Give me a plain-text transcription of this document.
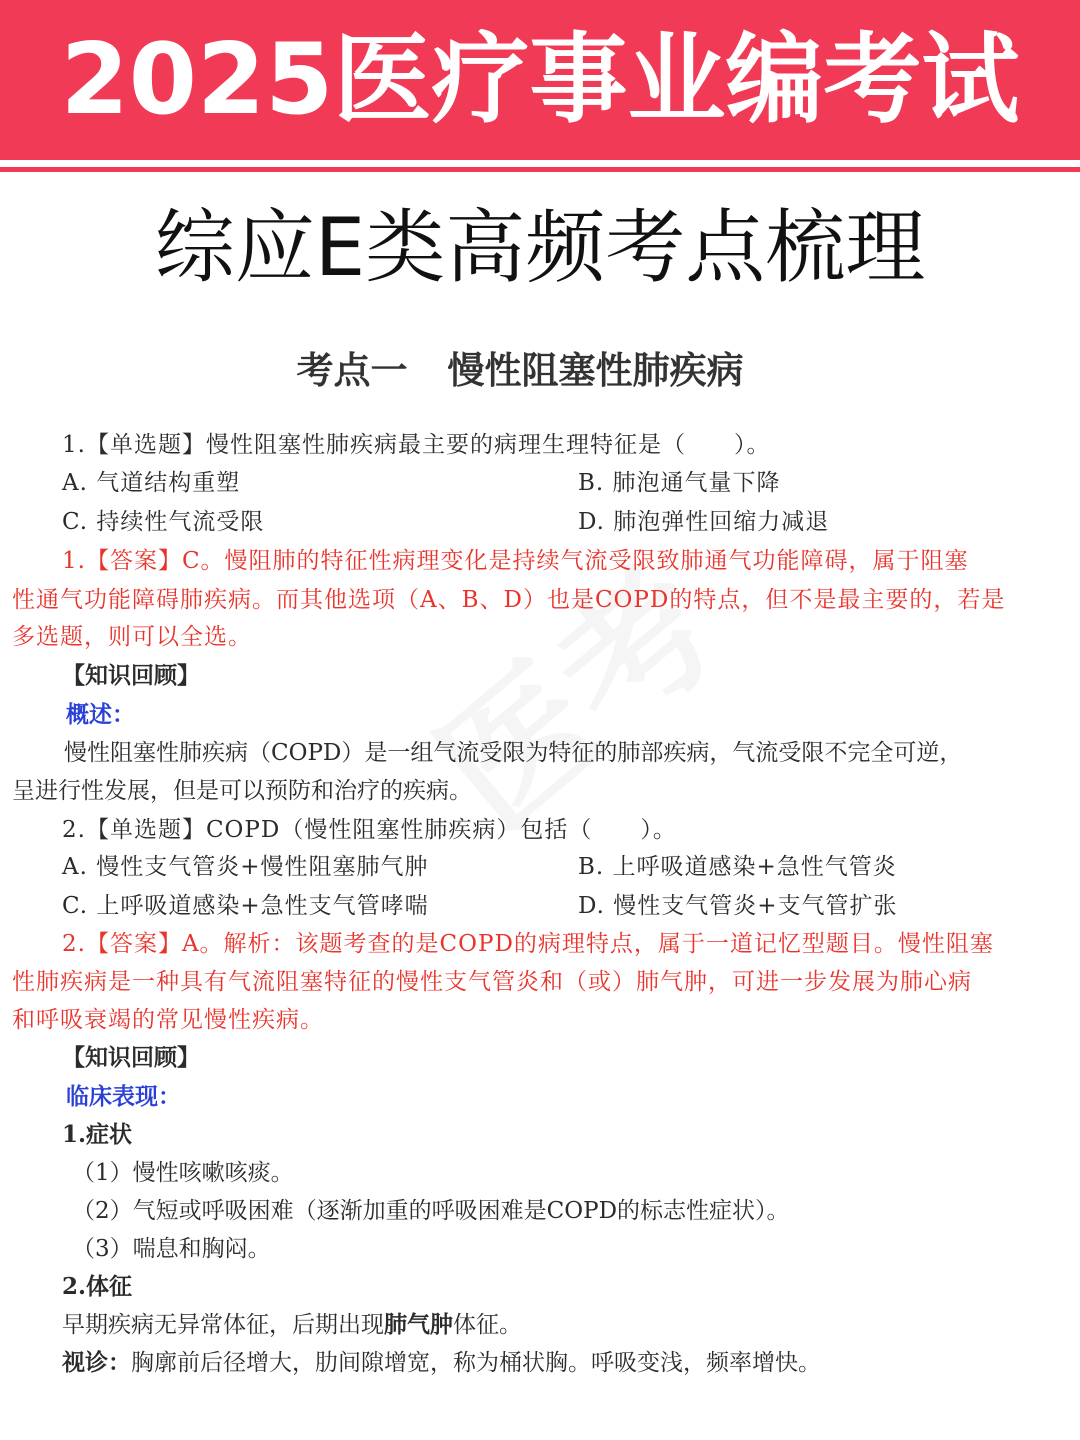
2025医疗事业编考试
综应E类高频考点梳理
考点一 慢性阻塞性肺疾病
1.【单选题】慢性阻塞性肺疾病最主要的病理生理特征是（　　）。
A. 气道结构重塑	B. 肺泡通气量下降
C. 持续性气流受限	D. 肺泡弹性回缩力减退
1.【答案】C。慢阻肺的特征性病理变化是持续气流受限致肺通气功能障碍，属于阻塞
性通气功能障碍肺疾病。而其他选项（A、B、D）也是COPD的特点，但不是最主要的，若是
多选题，则可以全选。
【知识回顾】
概述：
慢性阻塞性肺疾病（COPD）是一组气流受限为特征的肺部疾病，气流受限不完全可逆，
呈进行性发展，但是可以预防和治疗的疾病。
2.【单选题】COPD（慢性阻塞性肺疾病）包括（　　）。
A. 慢性支气管炎+慢性阻塞肺气肿	B. 上呼吸道感染+急性气管炎
C. 上呼吸道感染+急性支气管哮喘	D. 慢性支气管炎+支气管扩张
2.【答案】A。解析：该题考查的是COPD的病理特点，属于一道记忆型题目。慢性阻塞
性肺疾病是一种具有气流阻塞特征的慢性支气管炎和（或）肺气肿，可进一步发展为肺心病
和呼吸衰竭的常见慢性疾病。
【知识回顾】
临床表现：
1.症状
（1）慢性咳嗽咳痰。
（2）气短或呼吸困难（逐渐加重的呼吸困难是COPD的标志性症状）。
（3）喘息和胸闷。
2.体征
早期疾病无异常体征，后期出现肺气肿体征。
视诊：胸廓前后径增大，肋间隙增宽，称为桶状胸。呼吸变浅，频率增快。
